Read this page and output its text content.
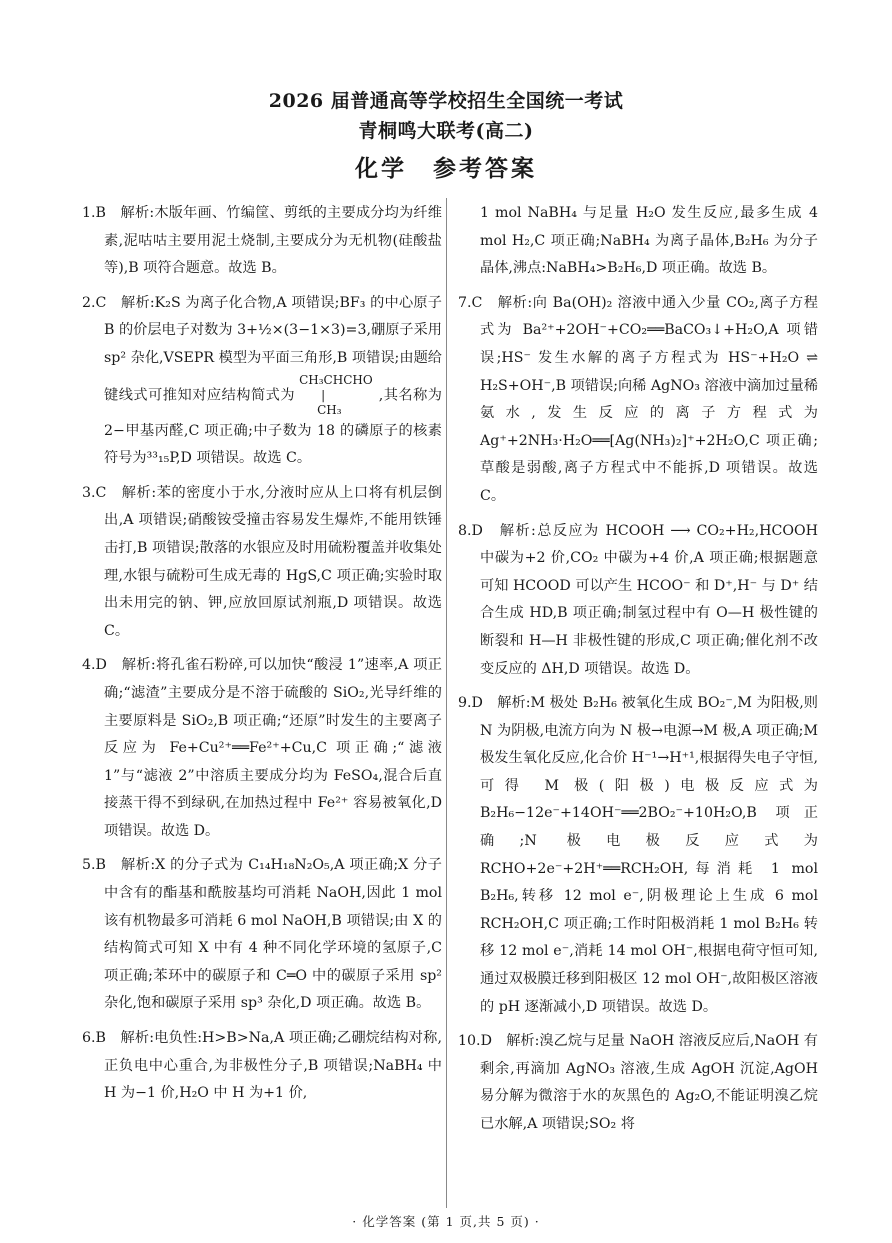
2026 届普通高等学校招生全国统一考试
青桐鸣大联考(高二)
化学　参考答案

1.B　解析:木版年画、竹编筐、剪纸的主要成分均为纤维素,泥咕咕主要用泥土烧制,主要成分为无机物(硅酸盐等),B 项符合题意。故选 B。

2.C　解析:K₂S 为离子化合物,A 项错误;BF₃ 的中心原子 B 的价层电子对数为 3+½×(3−1×3)=3,硼原子采用 sp² 杂化,VSEPR 模型为平面三角形,B 项错误;由题给键线式可推知对应结构简式为CH₃CHCHO
|
CH₃,其名称为 2−甲基丙醛,C 项正确;中子数为 18 的磷原子的核素符号为³³₁₅P,D 项错误。故选 C。

3.C　解析:苯的密度小于水,分液时应从上口将有机层倒出,A 项错误;硝酸铵受撞击容易发生爆炸,不能用铁锤击打,B 项错误;散落的水银应及时用硫粉覆盖并收集处理,水银与硫粉可生成无毒的 HgS,C 项正确;实验时取出未用完的钠、钾,应放回原试剂瓶,D 项错误。故选 C。

4.D　解析:将孔雀石粉碎,可以加快“酸浸 1”速率,A 项正确;“滤渣”主要成分是不溶于硫酸的 SiO₂,光导纤维的主要原料是 SiO₂,B 项正确;“还原”时发生的主要离子反应为 Fe+Cu²⁺══Fe²⁺+Cu,C 项正确;“滤液 1”与“滤液 2”中溶质主要成分均为 FeSO₄,混合后直接蒸干得不到绿矾,在加热过程中 Fe²⁺ 容易被氧化,D 项错误。故选 D。

5.B　解析:X 的分子式为 C₁₄H₁₈N₂O₅,A 项正确;X 分子中含有的酯基和酰胺基均可消耗 NaOH,因此 1 mol 该有机物最多可消耗 6 mol NaOH,B 项错误;由 X 的结构简式可知 X 中有 4 种不同化学环境的氢原子,C 项正确;苯环中的碳原子和 C═O 中的碳原子采用 sp² 杂化,饱和碳原子采用 sp³ 杂化,D 项正确。故选 B。

6.B　解析:电负性:H>B>Na,A 项正确;乙硼烷结构对称,正负电中心重合,为非极性分子,B 项错误;NaBH₄ 中 H 为−1 价,H₂O 中 H 为+1 价,

1 mol NaBH₄ 与足量 H₂O 发生反应,最多生成 4 mol H₂,C 项正确;NaBH₄ 为离子晶体,B₂H₆ 为分子晶体,沸点:NaBH₄>B₂H₆,D 项正确。故选 B。

7.C　解析:向 Ba(OH)₂ 溶液中通入少量 CO₂,离子方程式为 Ba²⁺+2OH⁻+CO₂══BaCO₃↓+H₂O,A 项错误;HS⁻ 发生水解的离子方程式为 HS⁻+H₂O ⇌ H₂S+OH⁻,B 项错误;向稀 AgNO₃ 溶液中滴加过量稀氨水,发生反应的离子方程式为 Ag⁺+2NH₃·H₂O══[Ag(NH₃)₂]⁺+2H₂O,C 项正确;草酸是弱酸,离子方程式中不能拆,D 项错误。故选 C。

8.D　解析:总反应为 HCOOH ⟶ CO₂+H₂,HCOOH 中碳为+2 价,CO₂ 中碳为+4 价,A 项正确;根据题意可知 HCOOD 可以产生 HCOO⁻ 和 D⁺,H⁻ 与 D⁺ 结合生成 HD,B 项正确;制氢过程中有 O—H 极性键的断裂和 H—H 非极性键的形成,C 项正确;催化剂不改变反应的 ΔH,D 项错误。故选 D。

9.D　解析:M 极处 B₂H₆ 被氧化生成 BO₂⁻,M 为阳极,则 N 为阴极,电流方向为 N 极→电源→M 极,A 项正确;M 极发生氧化反应,化合价 H⁻¹→H⁺¹,根据得失电子守恒,可得 M 极(阳极)电极反应式为 B₂H₆−12e⁻+14OH⁻══2BO₂⁻+10H₂O,B 项正确;N 极电极反应式为 RCHO+2e⁻+2H⁺══RCH₂OH,每消耗 1 mol B₂H₆,转移 12 mol e⁻,阴极理论上生成 6 mol RCH₂OH,C 项正确;工作时阳极消耗 1 mol B₂H₆ 转移 12 mol e⁻,消耗 14 mol OH⁻,根据电荷守恒可知,通过双极膜迁移到阳极区 12 mol OH⁻,故阳极区溶液的 pH 逐渐减小,D 项错误。故选 D。

10.D　解析:溴乙烷与足量 NaOH 溶液反应后,NaOH 有剩余,再滴加 AgNO₃ 溶液,生成 AgOH 沉淀,AgOH 易分解为微溶于水的灰黑色的 Ag₂O,不能证明溴乙烷已水解,A 项错误;SO₂ 将

· 化学答案 (第 1 页,共 5 页) ·
